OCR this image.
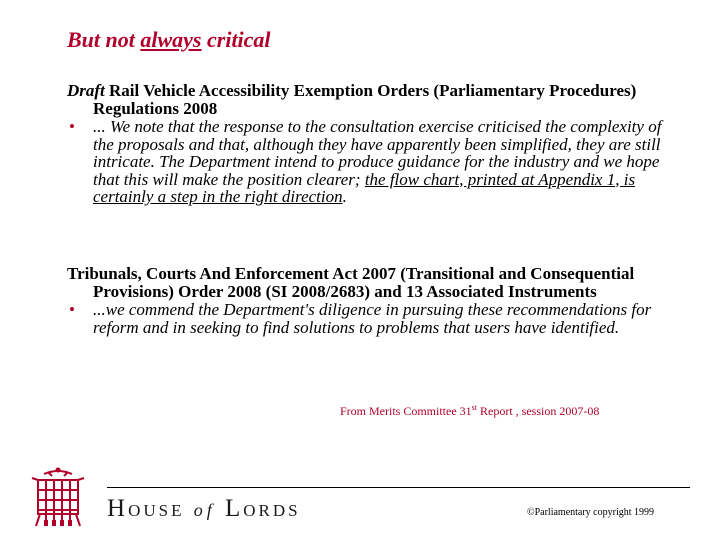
But not always critical
Draft Rail Vehicle Accessibility Exemption Orders (Parliamentary Procedures) Regulations 2008
• ... We note that the response to the consultation exercise criticised the complexity of the proposals and that, although they have apparently been simplified, they are still intricate. The Department intend to produce guidance for the industry and we hope that this will make the position clearer; the flow chart, printed at Appendix 1, is certainly a step in the right direction.
Tribunals, Courts And Enforcement Act 2007 (Transitional and Consequential Provisions) Order 2008 (SI 2008/2683) and 13 Associated Instruments
• ...we commend the Department's diligence in pursuing these recommendations for reform and in seeking to find solutions to problems that users have identified.
From Merits Committee 31st Report , session 2007-08
HOUSE of LORDS	©Parliamentary copyright 1999
